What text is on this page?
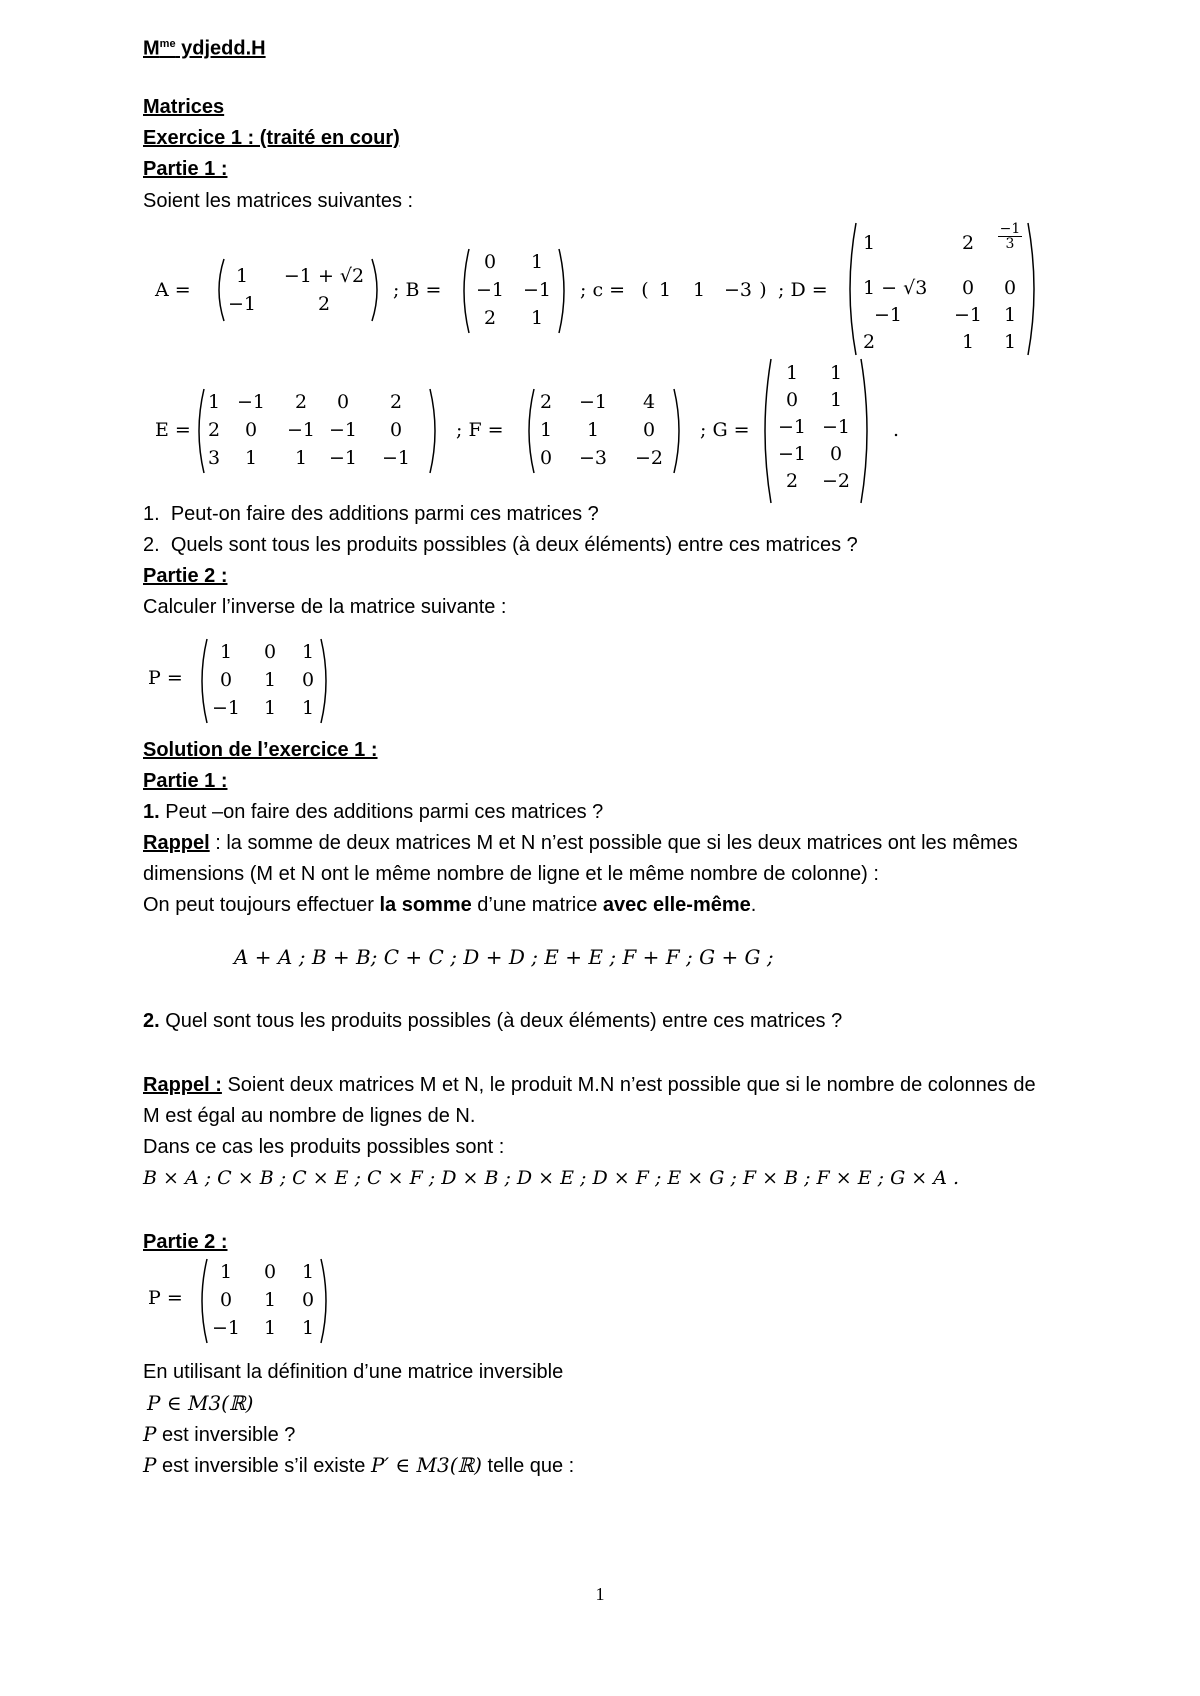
$M^{me}$ ydjedd.H
Matrices
Exercice 1 : (traité en cour)
Partie 1 :
Soient les matrices suivantes :
A =
1	−1 + √2
−1	2
; B =
0	1
−1 −1
2	1
; c = ( 1	1 −3 ) ; D =
1	2	$\frac{-1}{3}$
1 − √3	0	0
−1	−1	1
2	1	1
E =
1 −1	2	0	2
2	0	−1 −1	0
3	1	1	−1	−1
; F =
2	−1	4
1	1	0
0	−3	−2
; G =
1	1
0	1
−1 −1
−1	0
2	−2
.
1. Peut-on faire des additions parmi ces matrices ?
2. Quels sont tous les produits possibles (à deux éléments) entre ces matrices ?
Partie 2 :
Calculer l’inverse de la matrice suivante :
P =
1	0	1
0	1	0
−1	1	1
Solution de l’exercice 1 :
Partie 1 :
1. Peut –on faire des additions parmi ces matrices ?
Rappel : la somme de deux matrices M et N n’est possible que si les deux matrices ont les mêmes
dimensions (M et N ont le même nombre de ligne et le même nombre de colonne) :
On peut toujours effectuer la somme d’une matrice avec elle-même.
A + A ; B + B; C + C ; D + D ; E + E ; F + F ; G + G ;
2. Quel sont tous les produits possibles (à deux éléments) entre ces matrices ?
Rappel : Soient deux matrices M et N, le produit M.N n’est possible que si le nombre de colonnes de
M est égal au nombre de lignes de N.
Dans ce cas les produits possibles sont :
B × A ; C × B ; C × E ; C × F ; D × B ; D × E ; D × F ; E × G ; F × B ; F × E ; G × A .
Partie 2 :
P =
1	0	1
0	1	0
−1	1	1
En utilisant la définition d’une matrice inversible
P ∈ M3(ℝ)
P est inversible ?
P est inversible s’il existe P′ ∈ M3(ℝ) telle que :
1
